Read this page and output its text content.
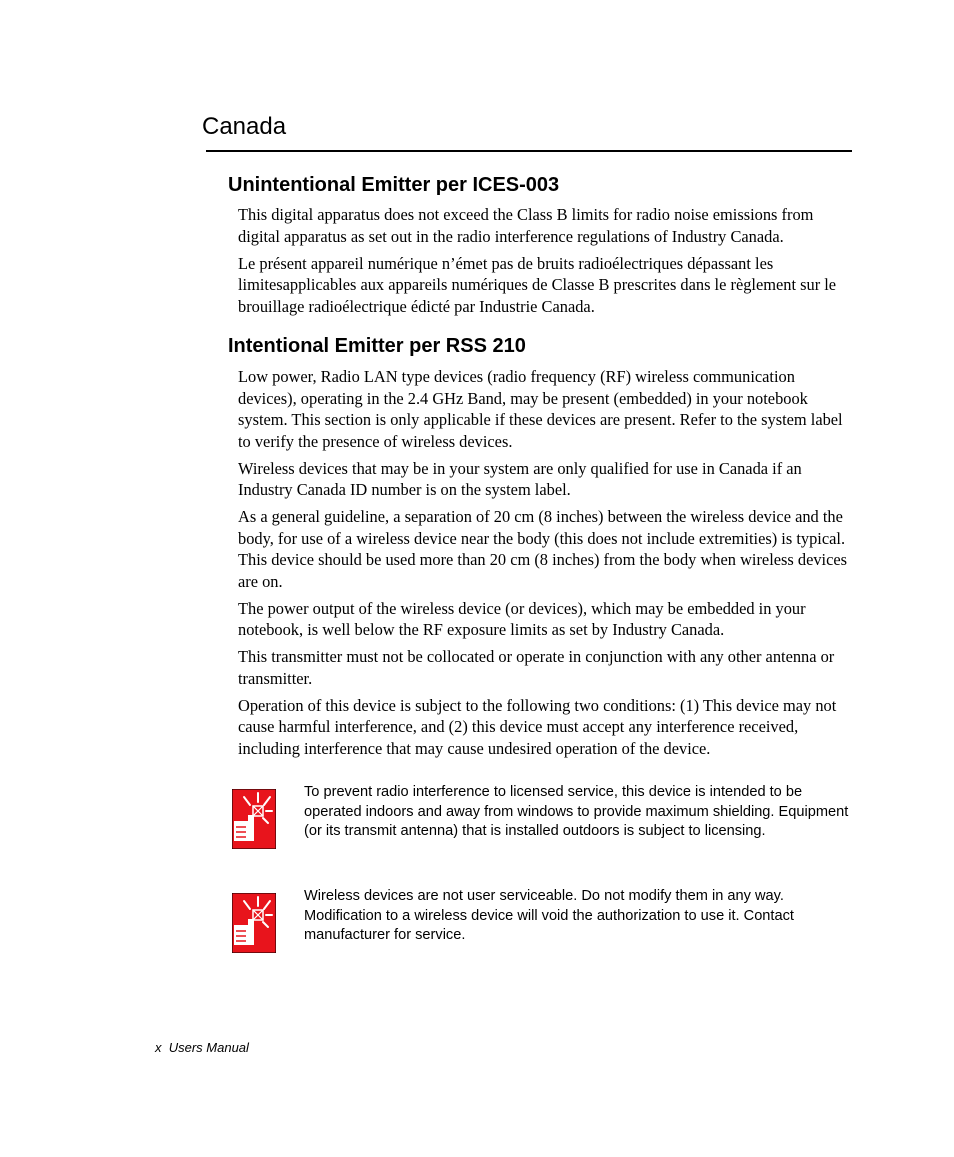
Canada
Unintentional Emitter per ICES-003

This digital apparatus does not exceed the Class B limits for radio noise emissions from digital apparatus as set out in the radio interference regulations of Industry Canada.

Le présent appareil numérique n’émet pas de bruits radioélectriques dépassant les limitesapplicables aux appareils numériques de Classe B prescrites dans le règlement sur le brouillage radioélectrique édicté par Industrie Canada.

Intentional Emitter per RSS 210

Low power, Radio LAN type devices (radio frequency (RF) wireless communication devices), operating in the 2.4 GHz Band, may be present (embedded) in your notebook system. This section is only applicable if these devices are present. Refer to the system label to verify the presence of wireless devices.

Wireless devices that may be in your system are only qualified for use in Canada if an Industry Canada ID number is on the system label.

As a general guideline, a separation of 20 cm (8 inches) between the wireless device and the body, for use of a wireless device near the body (this does not include extremities) is typical. This device should be used more than 20 cm (8 inches) from the body when wireless devices are on.

The power output of the wireless device (or devices), which may be embedded in your notebook, is well below the RF exposure limits as set by Industry Canada.

This transmitter must not be collocated or operate in conjunction with any other antenna or transmitter.

Operation of this device is subject to the following two conditions: (1) This device may not cause harmful interference, and (2) this device must accept any interference received, including interference that may cause undesired operation of the device.

To prevent radio interference to licensed service, this device is intended to be operated indoors and away from windows to provide maximum shielding. Equipment (or its transmit antenna) that is installed outdoors is subject to licensing.

Wireless devices are not user serviceable. Do not modify them in any way. Modification to a wireless device will void the authorization to use it. Contact manufacturer for service.

x  Users Manual
